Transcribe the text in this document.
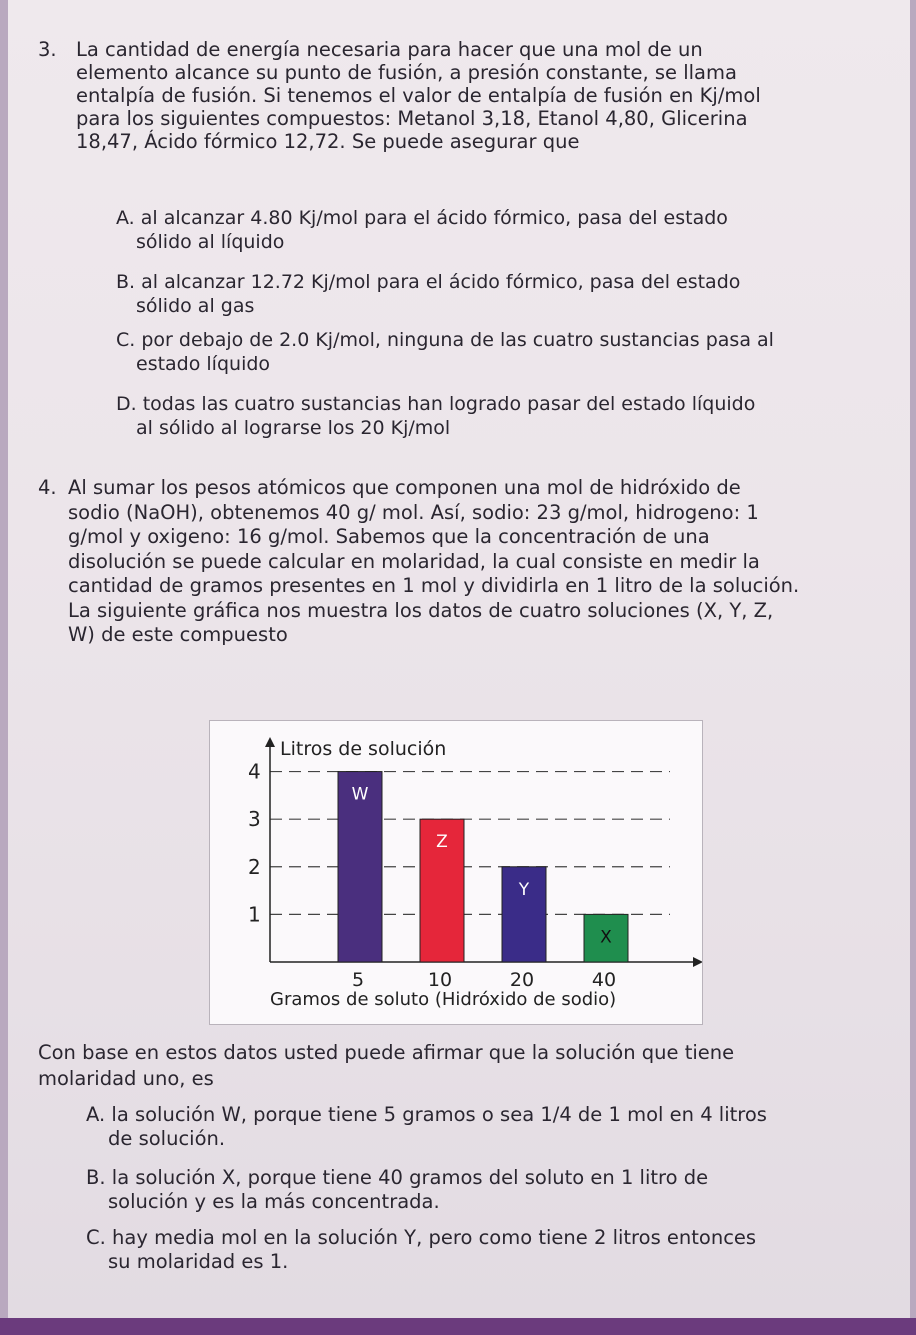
3. La cantidad de energía necesaria para hacer que una mol de un
elemento alcance su punto de fusión, a presión constante, se llama
entalpía de fusión. Si tenemos el valor de entalpía de fusión en Kj/mol
para los siguientes compuestos: Metanol 3,18, Etanol 4,80, Glicerina
18,47, Ácido fórmico 12,72. Se puede asegurar que
A. al alcanzar 4.80 Kj/mol para el ácido fórmico, pasa del estado
sólido al líquido
B. al alcanzar 12.72 Kj/mol para el ácido fórmico, pasa del estado
sólido al gas
C. por debajo de 2.0 Kj/mol, ninguna de las cuatro sustancias pasa al
estado líquido
D. todas las cuatro sustancias han logrado pasar del estado líquido
al sólido al lograrse los 20 Kj/mol
4. Al sumar los pesos atómicos que componen una mol de hidróxido de
sodio (NaOH), obtenemos 40 g/ mol. Así, sodio: 23 g/mol, hidrogeno: 1
g/mol y oxigeno: 16 g/mol. Sabemos que la concentración de una
disolución se puede calcular en molaridad, la cual consiste en medir la
cantidad de gramos presentes en 1 mol y dividirla en 1 litro de la solución.
La siguiente gráfica nos muestra los datos de cuatro soluciones (X, Y, Z,
W) de este compuesto
1
2
3
4
Litros de solución
W
5
Z
10
Y
20
X
40
Gramos de soluto (Hidróxido de sodio)
Con base en estos datos usted puede afirmar que la solución que tiene
molaridad uno, es
A. la solución W, porque tiene 5 gramos o sea 1/4 de 1 mol en 4 litros
de solución.
B. la solución X, porque tiene 40 gramos del soluto en 1 litro de
solución y es la más concentrada.
C. hay media mol en la solución Y, pero como tiene 2 litros entonces
su molaridad es 1.
